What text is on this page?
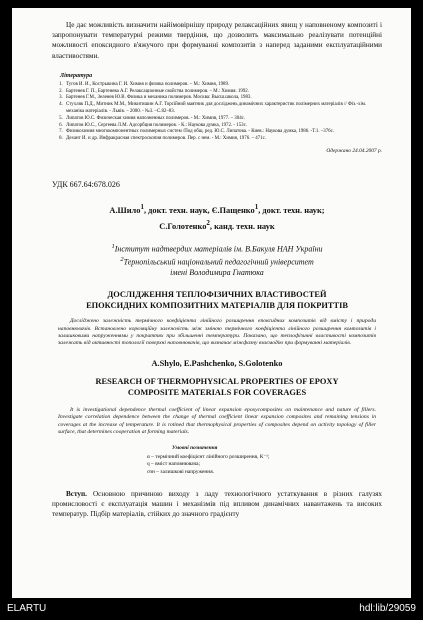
Це дає можливість визначити найімовірнішу природу релаксаційних явищ у наповненому композиті і запропонувати температурні режими твердіння, що дозволить максимально реалізувати потенційні можливості епоксидного в'яжучого при формуванні композитів з наперед заданими експлуатаційними властивостями.

Література
1. Тугов И. И., Кострыкина Г. И. Химия и физика полимеров. – М.: Химия, 1989.
2. Бартенев Г. П., Бартенева А.Г. Релаксационные свойства полимеров. – М.: Химия. 1992.
3. Бартенев Г.М., Зеленев Ю.В. Физика и механика полимеров. Москва: Высш.школа, 1983.
4. Стухляк П.Д., Митник М.М., Микитишин А.Г. Торсійний маятник для досліджень динамічних характеристик полімерних матеріалів // Фіз.-хім. механіка матеріалів. - Львів. – 2000. - №3. –С.82–83.
5. Липатов Ю.С. Физическая химия наполненных полимеров. - М.: Химия, 1977. – 304с.
6. Липатов Ю.С., Сергеева Л.М. Адсорбция полимеров. - К.: Наукова думка, 1972. - 153с.
7. Физикохимия многокомпонентных полимерных систем /Под общ. ред. Ю.С. Липатова. - Киев.: Наукова думка, 1986. -Т.1. –376с.
8. Дехант И. и др. Инфракрасная спектроскопия полимеров. Пер. с нем. - М.: Химия, 1976. – 471с.

Одержано 24.04.2007 р.

УДК 667.64:678.026

А.Шило$^1$, докт. техн. наук, Є.Пащенко$^1$, докт. техн. наук;
С.Голотенко$^2$, канд. техн. наук
$^1$Інститут надтвердих матеріалів ім. В.Бакуля НАН України
$^2$Тернопільський національний педагогічний університет
імені Володимира Гнатюка
ДОСЛІДЖЕННЯ ТЕПЛОФІЗИЧНИХ ВЛАСТИВОСТЕЙ
ЕПОКСИДНИХ КОМПОЗИТНИХ МАТЕРІАЛІВ ДЛЯ ПОКРИТТІВ

Досліджено залежність термічного коефіцієнта лінійного розширення епоксидних композитів від вмісту і природи наповнювачів. Встановлено кореляційну залежність між зміною термічного коефіцієнта лінійного розширення композитів і залишковими напруженнями у покриттях при збільшенні температури. Показано, що теплофізичні властивості композитів залежать від активності топології поверхні наповнювачів, що визначає міжфазну взаємодію при формуванні матеріалів.

A.Shylo, E.Pashchenko, S.Golotenko
RESEARCH OF THERMOPHYSICAL PROPERTIES OF EPOXY
COMPOSITE MATERIALS FOR COVERAGES

It is investigational dependence thermal coefficient of linear expansion epoxycomposites on maintenance and nature of fillers. Investigate correlation dependence between the change of thermal coefficient linear expansion composites and remaining tensions in coverages at the increase of temperature. It is rotined that thermophysical properties of composites depend on activity topology of filler surface, that determines cooperation at forming materials.

Умовні позначення

α – термічний коефіцієнт лінійного розширення, К⁻¹;

q – вміст наповнювача;

σзн – залишкові напруження.

Вступ. Основною причиною виходу з ладу технологічного устаткування в різних галузях промисловості є експлуатація машин і механізмів під впливом динамічних навантажень та високих температур. Підбір матеріалів, стійких до значного градієнту

ELARTU	hdl:lib/29059
